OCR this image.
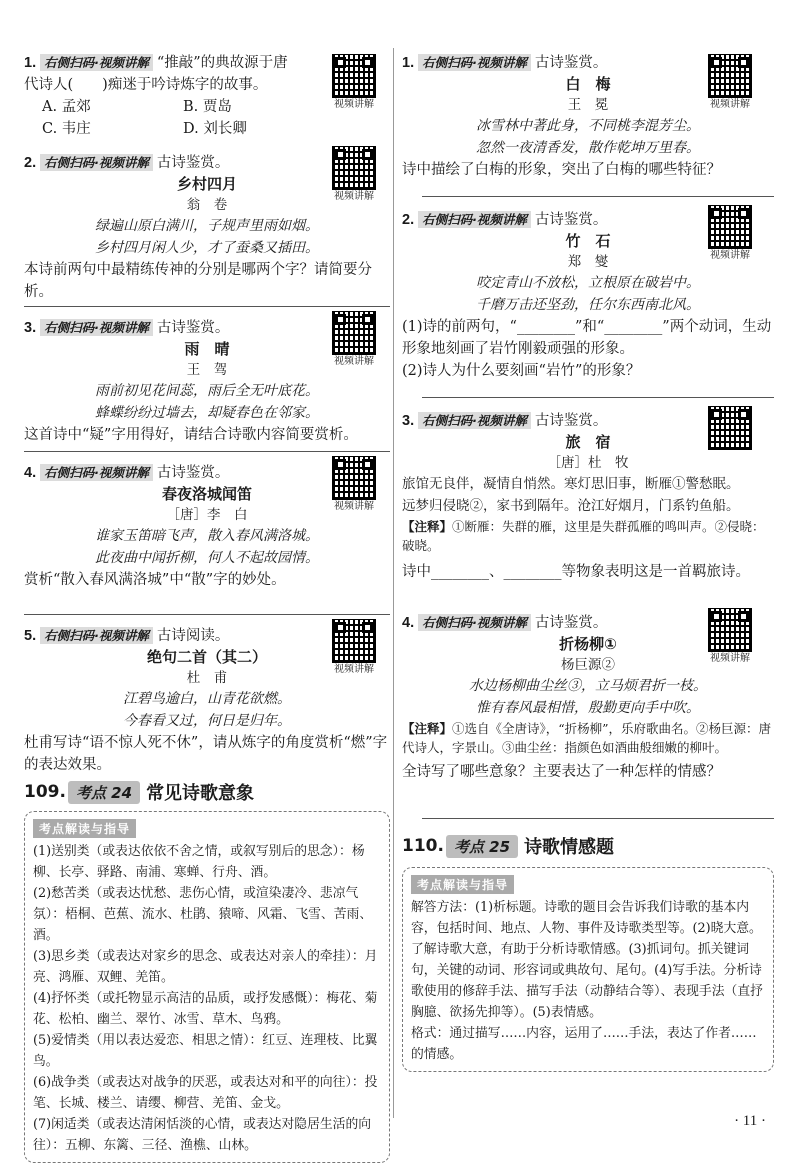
视频讲解
1. 右侧扫码·视频讲解 “推敲”的典故源于唐
代诗人(　　)痴迷于吟诗炼字的故事。
A. 孟郊	B. 贾岛
C. 韦庄	D. 刘长卿
视频讲解
2. 右侧扫码·视频讲解 古诗鉴赏。
乡村四月
翁　卷
绿遍山原白满川，子规声里雨如烟。
乡村四月闲人少，才了蚕桑又插田。
本诗前两句中最精练传神的分别是哪两个字？请简要分析。
视频讲解
3. 右侧扫码·视频讲解 古诗鉴赏。
雨　晴
王　驾
雨前初见花间蕊，雨后全无叶底花。
蜂蝶纷纷过墙去，却疑春色在邻家。
这首诗中“疑”字用得好，请结合诗歌内容简要赏析。
视频讲解
4. 右侧扫码·视频讲解 古诗鉴赏。
春夜洛城闻笛
［唐］李　白
谁家玉笛暗飞声，散入春风满洛城。
此夜曲中闻折柳，何人不起故园情。
赏析“散入春风满洛城”中“散”字的妙处。
视频讲解
5. 右侧扫码·视频讲解 古诗阅读。
绝句二首（其二）
杜　甫
江碧鸟逾白，山青花欲燃。
今春看又过，何日是归年。
杜甫写诗“语不惊人死不休”，请从炼字的角度赏析“燃”字的表达效果。
109. 考点 24 常见诗歌意象
考点解读与指导
(1)送别类（或表达依依不舍之情，或叙写别后的思念）：杨柳、长亭、驿路、南浦、寒蝉、行舟、酒。
(2)愁苦类（或表达忧愁、悲伤心情，或渲染凄冷、悲凉气氛）：梧桐、芭蕉、流水、杜鹃、猿啼、风霜、飞雪、苦雨、酒。
(3)思乡类（或表达对家乡的思念、或表达对亲人的牵挂）：月亮、鸿雁、双鲤、羌笛。
(4)抒怀类（或托物显示高洁的品质，或抒发感慨）：梅花、菊花、松柏、幽兰、翠竹、冰雪、草木、鸟鸦。
(5)爱情类（用以表达爱恋、相思之情）：红豆、连理枝、比翼鸟。
(6)战争类（或表达对战争的厌恶，或表达对和平的向往）：投笔、长城、楼兰、请缨、柳营、羌笛、金戈。
(7)闲适类（或表达清闲恬淡的心情，或表达对隐居生活的向往）：五柳、东篱、三径、渔樵、山林。
视频讲解
1. 右侧扫码·视频讲解 古诗鉴赏。
白　梅
王　冕
冰雪林中著此身，不同桃李混芳尘。
忽然一夜清香发，散作乾坤万里春。
诗中描绘了白梅的形象，突出了白梅的哪些特征？
视频讲解
2. 右侧扫码·视频讲解 古诗鉴赏。
竹　石
郑　燮
咬定青山不放松，立根原在破岩中。
千磨万击还坚劲，任尔东西南北风。
(1)诗的前两句，“________”和“________”两个动词，生动形象地刻画了岩竹刚毅顽强的形象。
(2)诗人为什么要刻画“岩竹”的形象？
3. 右侧扫码·视频讲解 古诗鉴赏。
旅　宿
［唐］杜　牧
旅馆无良伴，凝情自悄然。寒灯思旧事，断雁①警愁眠。
远梦归侵晓②，家书到隔年。沧江好烟月，门系钓鱼船。
【注释】①断雁：失群的雁，这里是失群孤雁的鸣叫声。②侵晓：破晓。
诗中________、________等物象表明这是一首羁旅诗。
视频讲解
4. 右侧扫码·视频讲解 古诗鉴赏。
折杨柳①
杨巨源②
水边杨柳曲尘丝③，立马烦君折一枝。
惟有春风最相惜，殷勤更向手中吹。
【注释】①选自《全唐诗》，“折杨柳”，乐府歌曲名。②杨巨源：唐代诗人，字景山。③曲尘丝：指颜色如酒曲般细嫩的柳叶。
全诗写了哪些意象？主要表达了一种怎样的情感？
110. 考点 25 诗歌情感题
考点解读与指导
解答方法：(1)析标题。诗歌的题目会告诉我们诗歌的基本内容，包括时间、地点、人物、事件及诗歌类型等。(2)晓大意。了解诗歌大意，有助于分析诗歌情感。(3)抓词句。抓关键词句，关键的动词、形容词或典故句、尾句。(4)写手法。分析诗歌使用的修辞手法、描写手法（动静结合等）、表现手法（直抒胸臆、欲扬先抑等）。(5)表情感。
格式：通过描写……内容，运用了……手法，表达了作者……的情感。
· 11 ·
